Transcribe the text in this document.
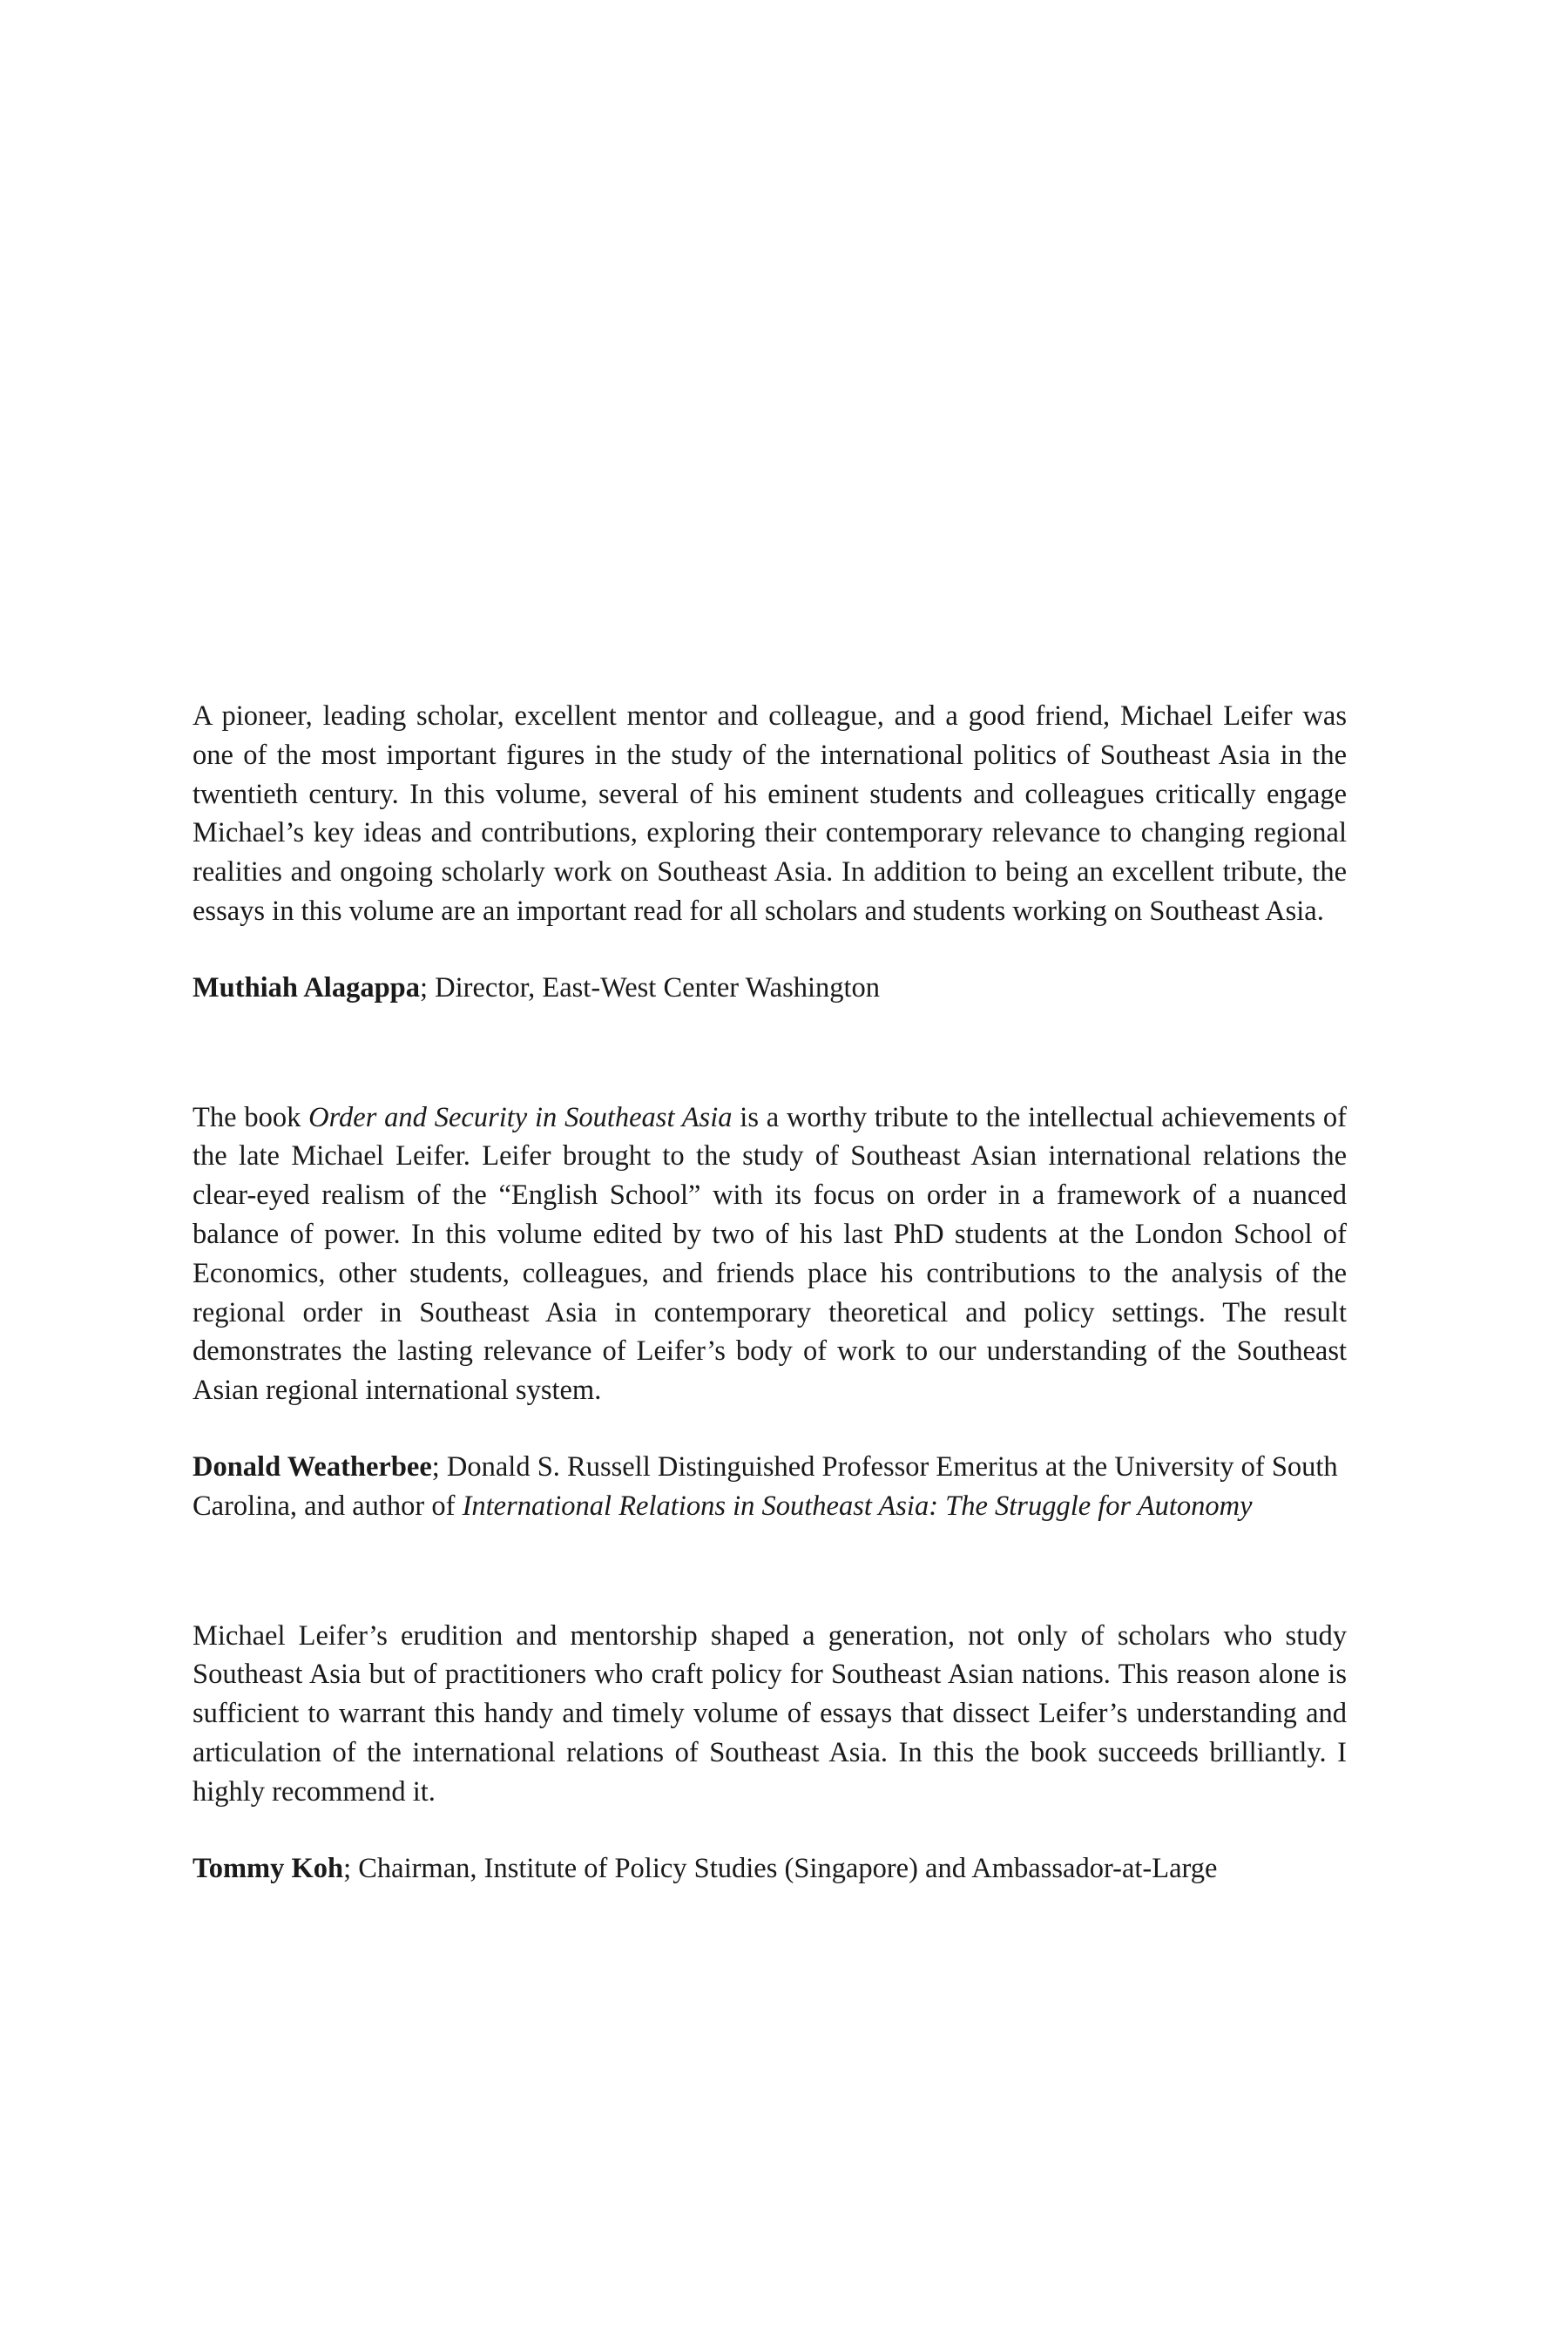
A pioneer, leading scholar, excellent mentor and colleague, and a good friend, Michael Leifer was one of the most important figures in the study of the international politics of Southeast Asia in the twentieth century. In this volume, several of his eminent students and colleagues critically engage Michael’s key ideas and contributions, exploring their contemporary relevance to changing regional realities and ongoing scholarly work on Southeast Asia. In addition to being an excellent tribute, the essays in this volume are an important read for all scholars and students working on Southeast Asia.

Muthiah Alagappa; Director, East-West Center Washington

The book Order and Security in Southeast Asia is a worthy tribute to the intellectual achievements of the late Michael Leifer. Leifer brought to the study of Southeast Asian international relations the clear-eyed realism of the “English School” with its focus on order in a framework of a nuanced balance of power. In this volume edited by two of his last PhD students at the London School of Economics, other students, colleagues, and friends place his contributions to the analysis of the regional order in Southeast Asia in contemporary theoretical and policy settings. The result demonstrates the lasting relevance of Leifer’s body of work to our understanding of the Southeast Asian regional international system.

Donald Weatherbee; Donald S. Russell Distinguished Professor Emeritus at the University of South Carolina, and author of International Relations in Southeast Asia: The Struggle for Autonomy

Michael Leifer’s erudition and mentorship shaped a generation, not only of scholars who study Southeast Asia but of practitioners who craft policy for Southeast Asian nations. This reason alone is sufficient to warrant this handy and timely volume of essays that dissect Leifer’s understanding and articulation of the international relations of Southeast Asia. In this the book succeeds brilliantly. I highly recommend it.

Tommy Koh; Chairman, Institute of Policy Studies (Singapore) and Ambassador-at-Large
